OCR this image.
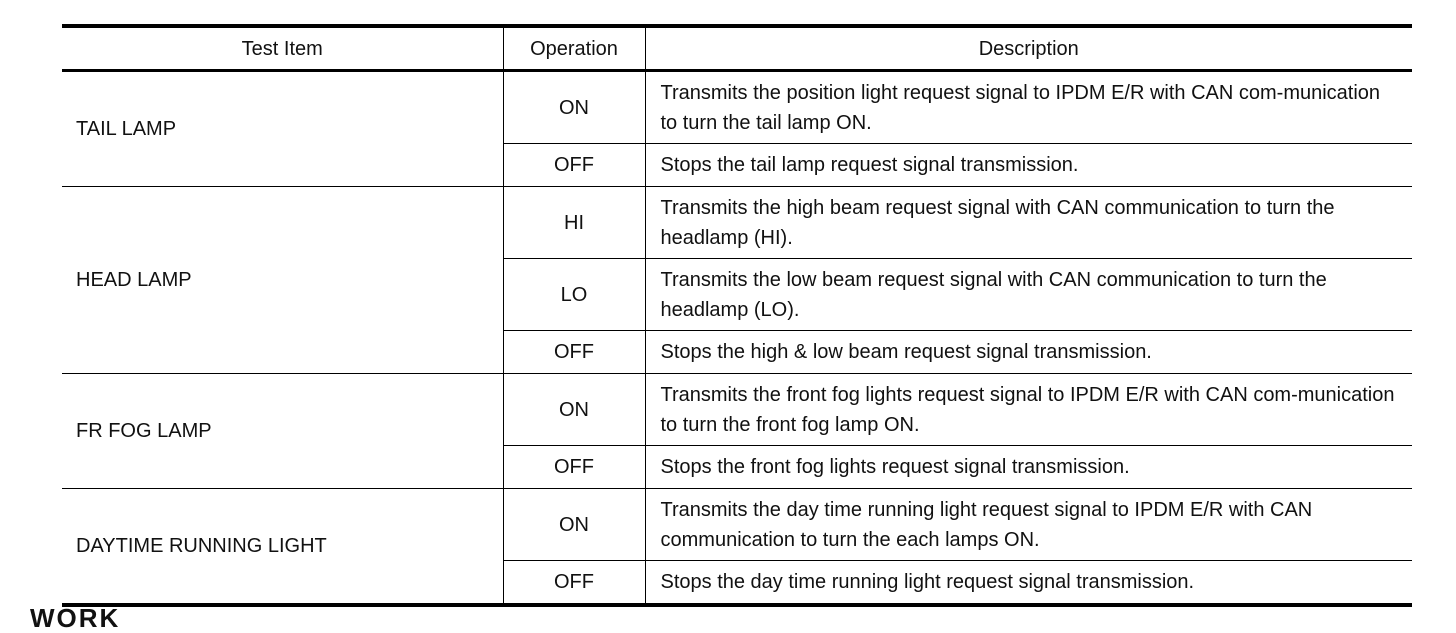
Test Item	Operation	Description
TAIL LAMP	ON	Transmits the position light request signal to IPDM E/R with CAN com-munication to turn the tail lamp ON.
	OFF	Stops the tail lamp request signal transmission.
HEAD LAMP	HI	Transmits the high beam request signal with CAN communication to turn the headlamp (HI).
	LO	Transmits the low beam request signal with CAN communication to turn the headlamp (LO).
	OFF	Stops the high & low beam request signal transmission.
FR FOG LAMP	ON	Transmits the front fog lights request signal to IPDM E/R with CAN com-munication to turn the front fog lamp ON.
	OFF	Stops the front fog lights request signal transmission.
DAYTIME RUNNING LIGHT	ON	Transmits the day time running light request signal to IPDM E/R with CAN communication to turn the each lamps ON.
	OFF	Stops the day time running light request signal transmission.
WORK
